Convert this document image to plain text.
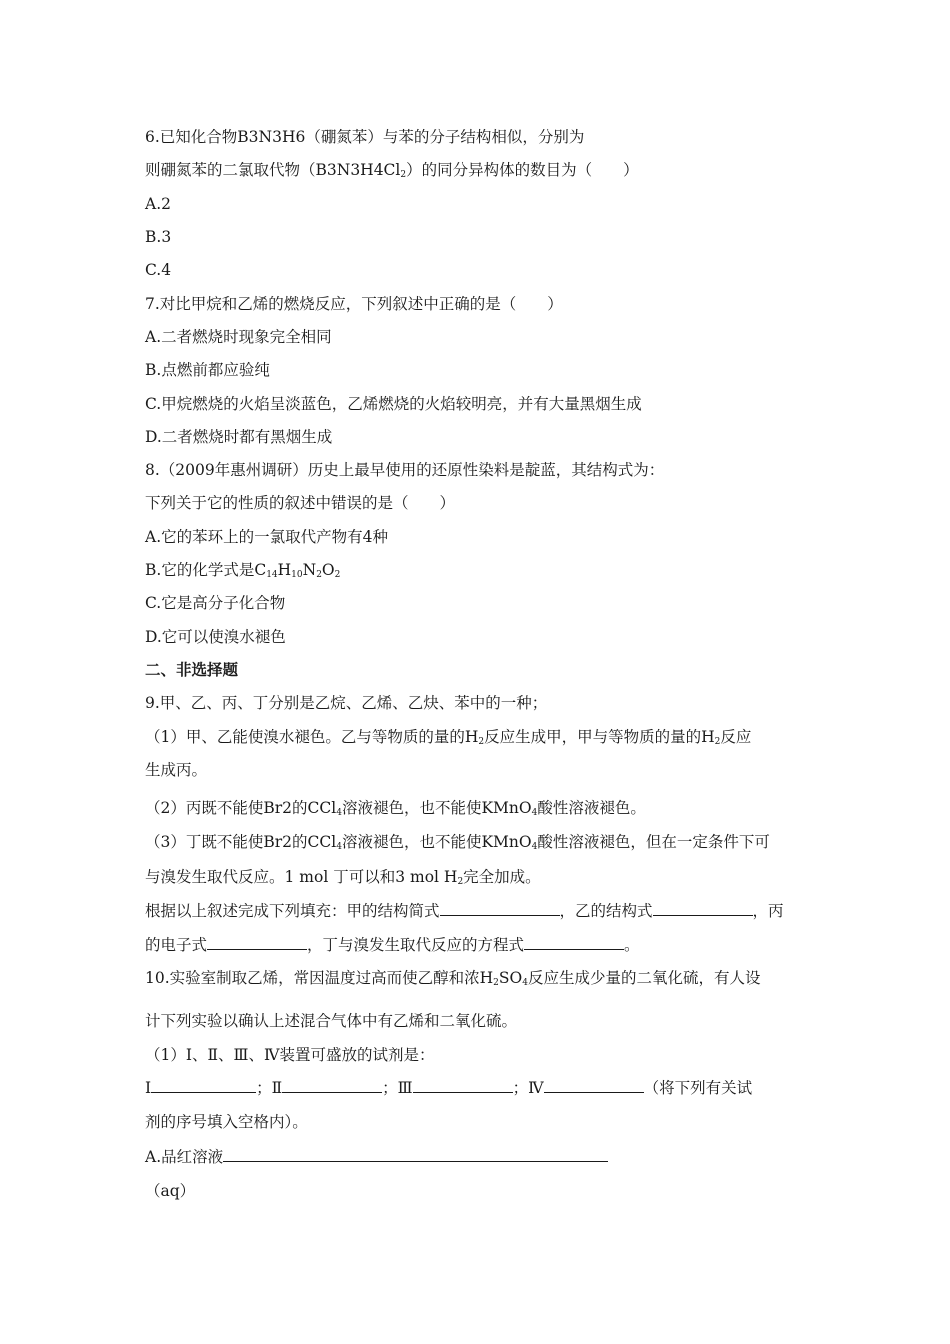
6.已知化合物B3N3H6（硼氮苯）与苯的分子结构相似，分别为
则硼氮苯的二氯取代物$(B3N3H4Cl_2)$的同分异构体的数目为（　　）
A.2
B.3
C.4
7.对比甲烷和乙烯的燃烧反应，下列叙述中正确的是（　　）
A.二者燃烧时现象完全相同
B.点燃前都应验纯
C.甲烷燃烧的火焰呈淡蓝色，乙烯燃烧的火焰较明亮，并有大量黑烟生成
D.二者燃烧时都有黑烟生成
8.（2009年惠州调研）历史上最早使用的还原性染料是靛蓝，其结构式为：
下列关于它的性质的叙述中错误的是（　　）
A.它的苯环上的一氯取代产物有4种
B.它的化学式是$C_{14}H_{10}N_2O_2$
C.它是高分子化合物
D.它可以使溴水褪色
二、非选择题
9.甲、乙、丙、丁分别是乙烷、乙烯、乙炔、苯中的一种；
（1）甲、乙能使溴水褪色。乙与等物质的量的$H_2$反应生成甲，甲与等物质的量的$H_2$反应
生成丙。
（2）丙既不能使Br2的CCl$_4$溶液褪色，也不能使KMnO$_4$酸性溶液褪色。
（3）丁既不能使Br2的CCl$_4$溶液褪色，也不能使KMnO$_4$酸性溶液褪色，但在一定条件下可
与溴发生取代反应。1 mol 丁可以和3 mol $H_2$完全加成。
根据以上叙述完成下列填充：甲的结构简式	，乙的结构式	，丙
的电子式	，丁与溴发生取代反应的方程式	。
10.实验室制取乙烯，常因温度过高而使乙醇和浓$H_2SO_4$反应生成少量的二氧化硫，有人设
计下列实验以确认上述混合气体中有乙烯和二氧化硫。
（1）Ⅰ、Ⅱ、Ⅲ、Ⅳ装置可盛放的试剂是：
Ⅰ	；Ⅱ	；Ⅲ	；Ⅳ	（将下列有关试
剂的序号填入空格内）。
A.品红溶液
（aq）
